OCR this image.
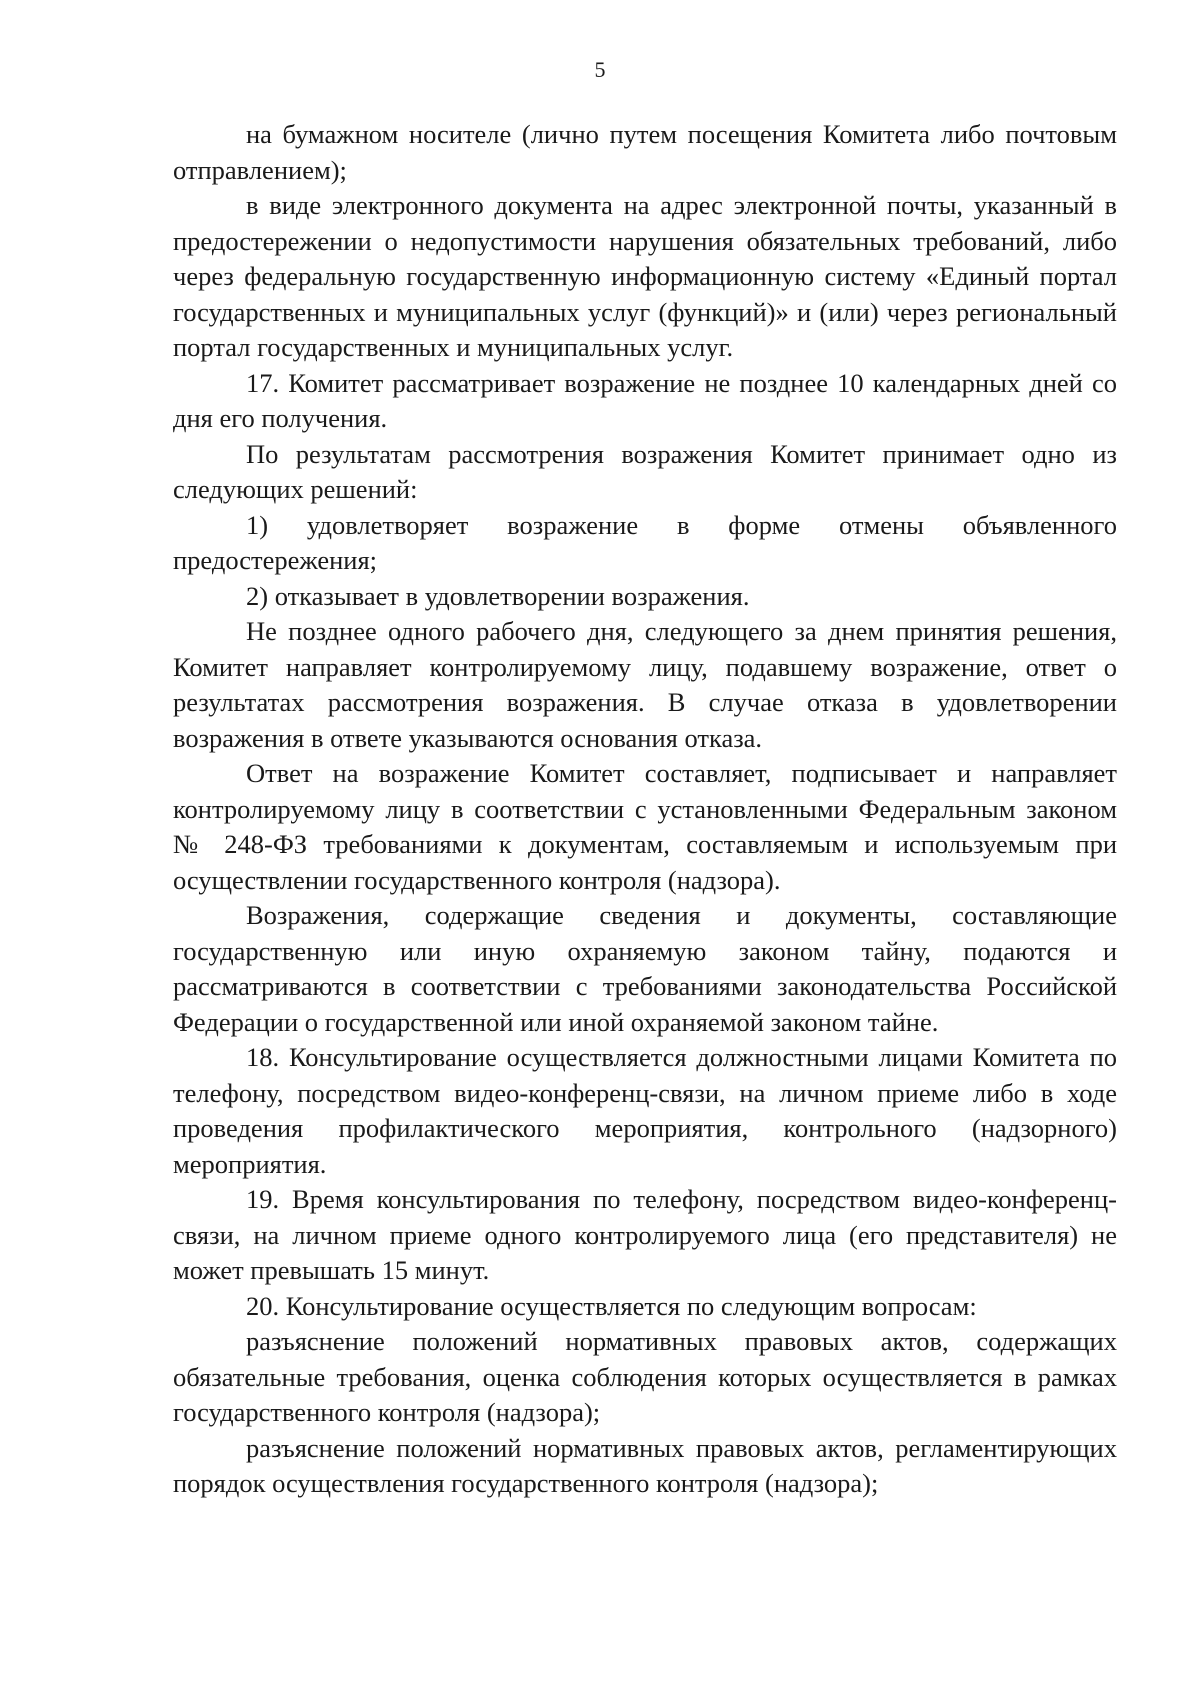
5

на бумажном носителе (лично путем посещения Комитета либо почтовым отправлением);

в виде электронного документа на адрес электронной почты, указанный в предостережении о недопустимости нарушения обязательных требований, либо через федеральную государственную информационную систему «Единый портал государственных и муниципальных услуг (функций)» и (или) через региональный портал государственных и муниципальных услуг.

17. Комитет рассматривает возражение не позднее 10 календарных дней со дня его получения.

По результатам рассмотрения возражения Комитет принимает одно из следующих решений:

1) удовлетворяет возражение в форме отмены объявленного предостережения;

2) отказывает в удовлетворении возражения.

Не позднее одного рабочего дня, следующего за днем принятия решения, Комитет направляет контролируемому лицу, подавшему возражение, ответ о результатах рассмотрения возражения. В случае отказа в удовлетворении возражения в ответе указываются основания отказа.

Ответ на возражение Комитет составляет, подписывает и направляет контролируемому лицу в соответствии с установленными Федеральным законом № 248-ФЗ требованиями к документам, составляемым и используемым при осуществлении государственного контроля (надзора).

Возражения, содержащие сведения и документы, составляющие государственную или иную охраняемую законом тайну, подаются и рассматриваются в соответствии с требованиями законодательства Российской Федерации о государственной или иной охраняемой законом тайне.

18. Консультирование осуществляется должностными лицами Комитета по телефону, посредством видео-конференц-связи, на личном приеме либо в ходе проведения профилактического мероприятия, контрольного (надзорного) мероприятия.

19. Время консультирования по телефону, посредством видео-конференц-связи, на личном приеме одного контролируемого лица (его представителя) не может превышать 15 минут.

20. Консультирование осуществляется по следующим вопросам:

разъяснение положений нормативных правовых актов, содержащих обязательные требования, оценка соблюдения которых осуществляется в рамках государственного контроля (надзора);

разъяснение положений нормативных правовых актов, регламентирующих порядок осуществления государственного контроля (надзора);
